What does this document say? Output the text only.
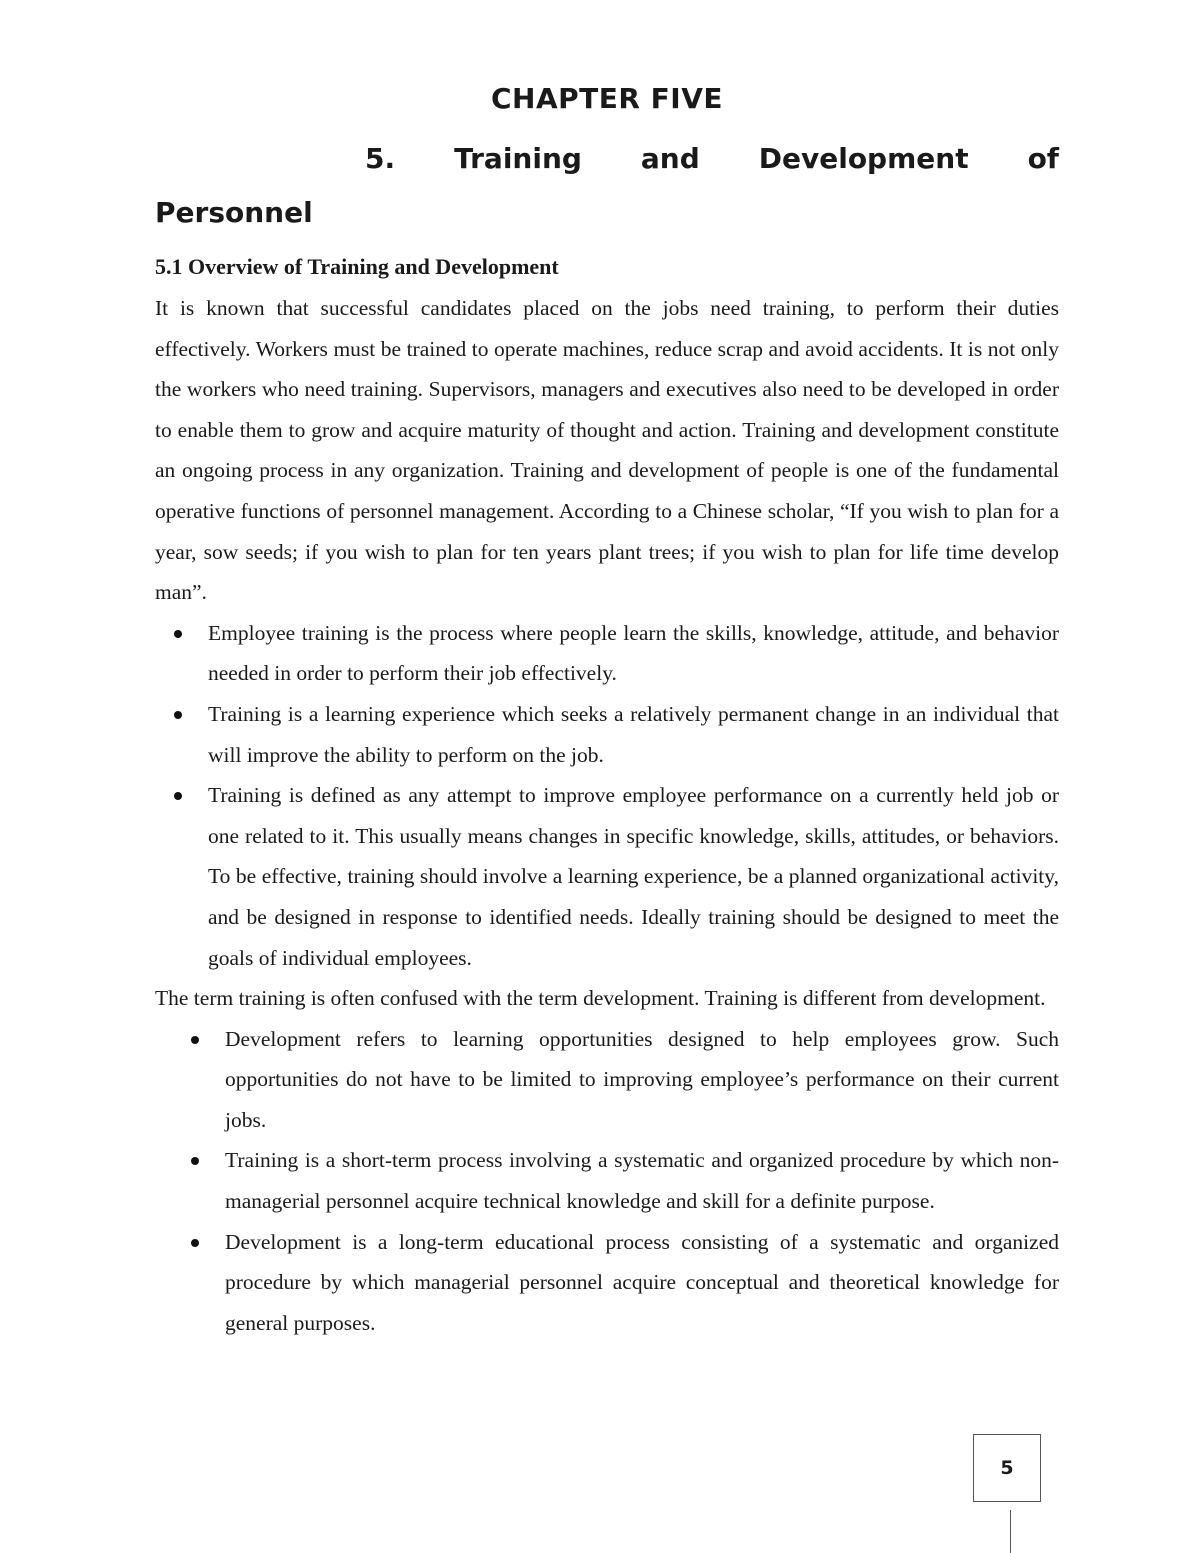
CHAPTER FIVE
5. Training and Development of
Personnel
5.1 Overview of Training and Development

It is known that successful candidates placed on the jobs need training, to perform their duties effectively. Workers must be trained to operate machines, reduce scrap and avoid accidents. It is not only the workers who need training. Supervisors, managers and executives also need to be developed in order to enable them to grow and acquire maturity of thought and action. Training and development constitute an ongoing process in any organization. Training and development of people is one of the fundamental operative functions of personnel management. According to a Chinese scholar, “If you wish to plan for a year, sow seeds; if you wish to plan for ten years plant trees; if you wish to plan for life time develop man”.

Employee training is the process where people learn the skills, knowledge, attitude, and behavior needed in order to perform their job effectively.
Training is a learning experience which seeks a relatively permanent change in an individual that will improve the ability to perform on the job.
Training is defined as any attempt to improve employee performance on a currently held job or one related to it. This usually means changes in specific knowledge, skills, attitudes, or behaviors. To be effective, training should involve a learning experience, be a planned organizational activity, and be designed in response to identified needs. Ideally training should be designed to meet the goals of individual employees.

The term training is often confused with the term development. Training is different from development.

Development refers to learning opportunities designed to help employees grow. Such opportunities do not have to be limited to improving employee’s performance on their current jobs.
Training is a short-term process involving a systematic and organized procedure by which non-managerial personnel acquire technical knowledge and skill for a definite purpose.
Development is a long-term educational process consisting of a systematic and organized procedure by which managerial personnel acquire conceptual and theoretical knowledge for general purposes.
5
